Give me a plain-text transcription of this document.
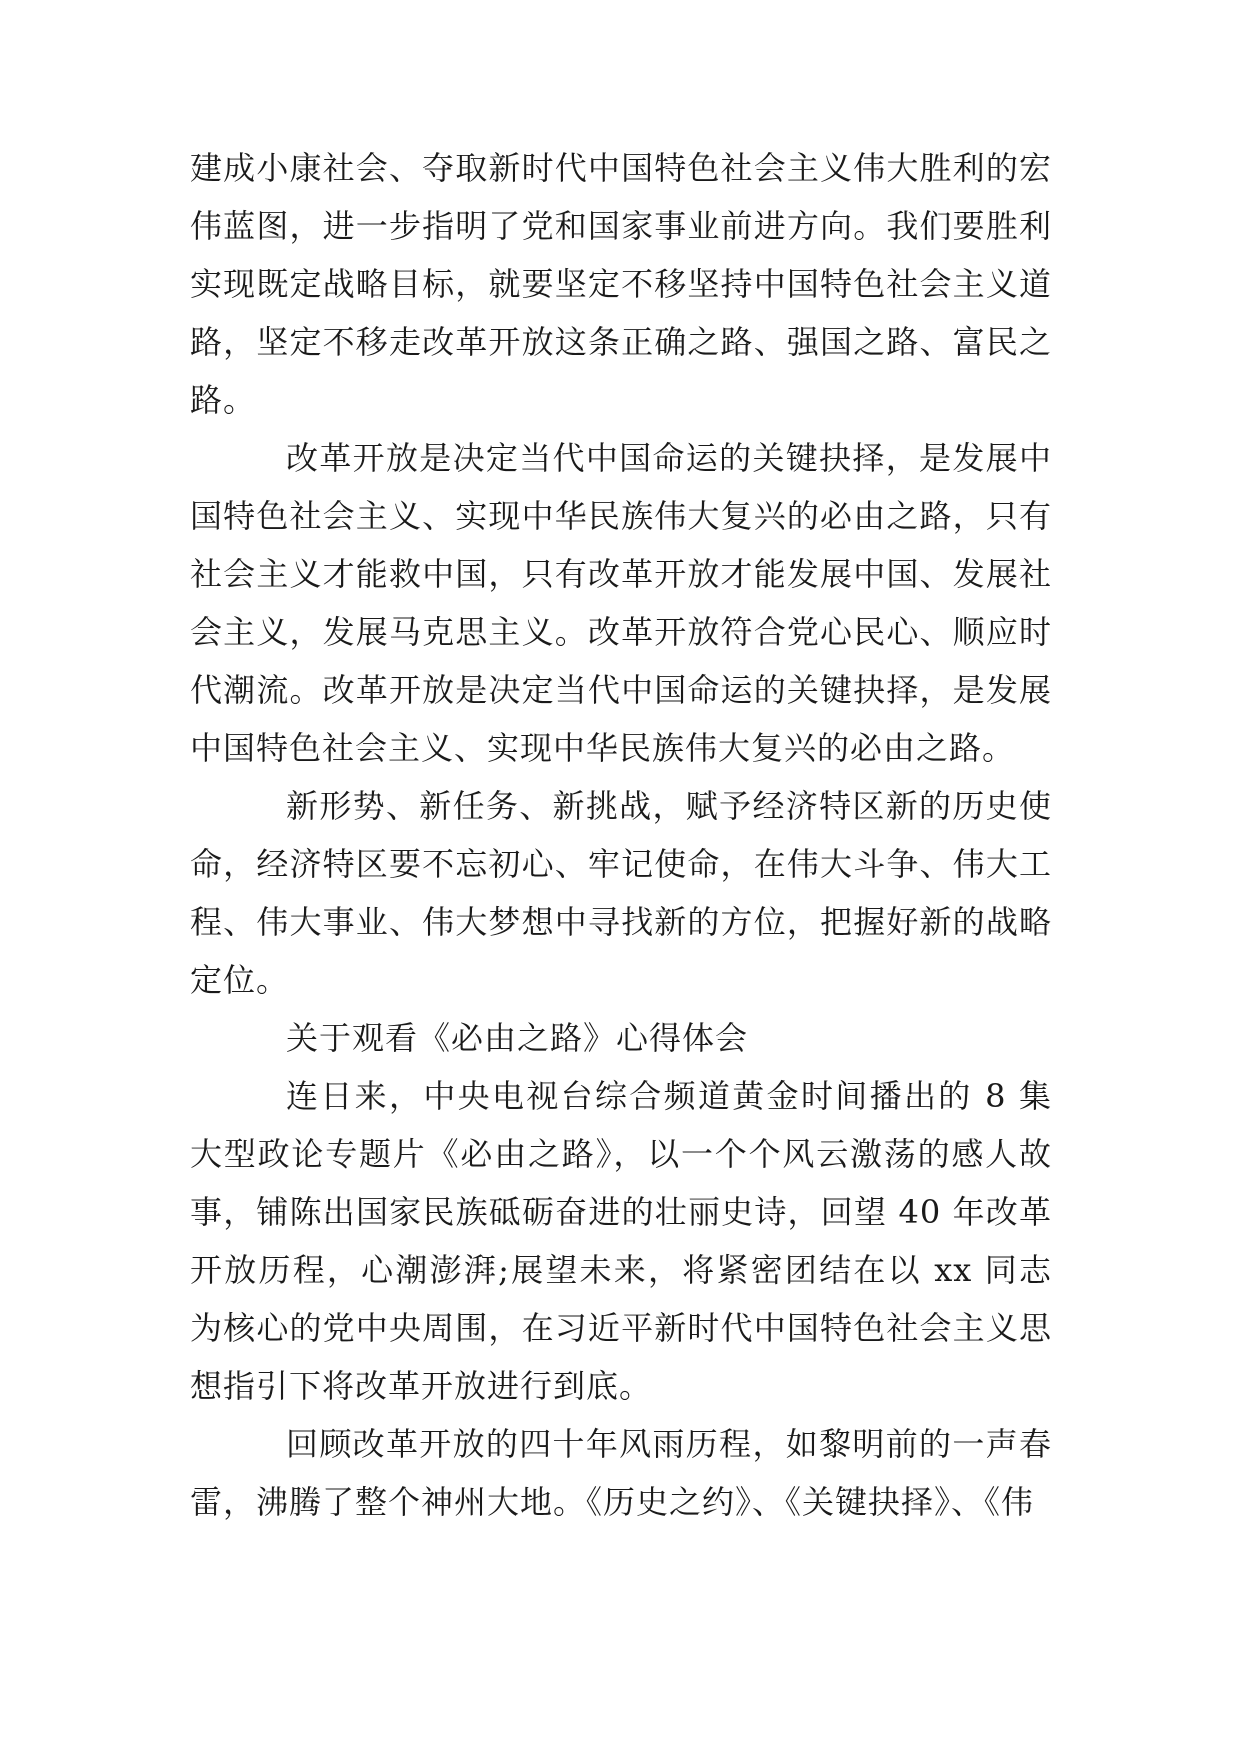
建成小康社会、夺取新时代中国特色社会主义伟大胜利的宏伟蓝图，进一步指明了党和国家事业前进方向。我们要胜利实现既定战略目标，就要坚定不移坚持中国特色社会主义道路，坚定不移走改革开放这条正确之路、强国之路、富民之路。

改革开放是决定当代中国命运的关键抉择，是发展中国特色社会主义、实现中华民族伟大复兴的必由之路，只有社会主义才能救中国，只有改革开放才能发展中国、发展社会主义，发展马克思主义。改革开放符合党心民心、顺应时代潮流。改革开放是决定当代中国命运的关键抉择，是发展中国特色社会主义、实现中华民族伟大复兴的必由之路。

新形势、新任务、新挑战，赋予经济特区新的历史使命，经济特区要不忘初心、牢记使命，在伟大斗争、伟大工程、伟大事业、伟大梦想中寻找新的方位，把握好新的战略定位。

关于观看《必由之路》心得体会

连日来，中央电视台综合频道黄金时间播出的 8 集大型政论专题片《必由之路》，以一个个风云激荡的感人故事，铺陈出国家民族砥砺奋进的壮丽史诗，回望 40 年改革开放历程，心潮澎湃;展望未来，将紧密团结在以 xx 同志为核心的党中央周围，在习近平新时代中国特色社会主义思想指引下将改革开放进行到底。

回顾改革开放的四十年风雨历程，如黎明前的一声春雷，沸腾了整个神州大地。《历史之约》、《关键抉择》、《伟
